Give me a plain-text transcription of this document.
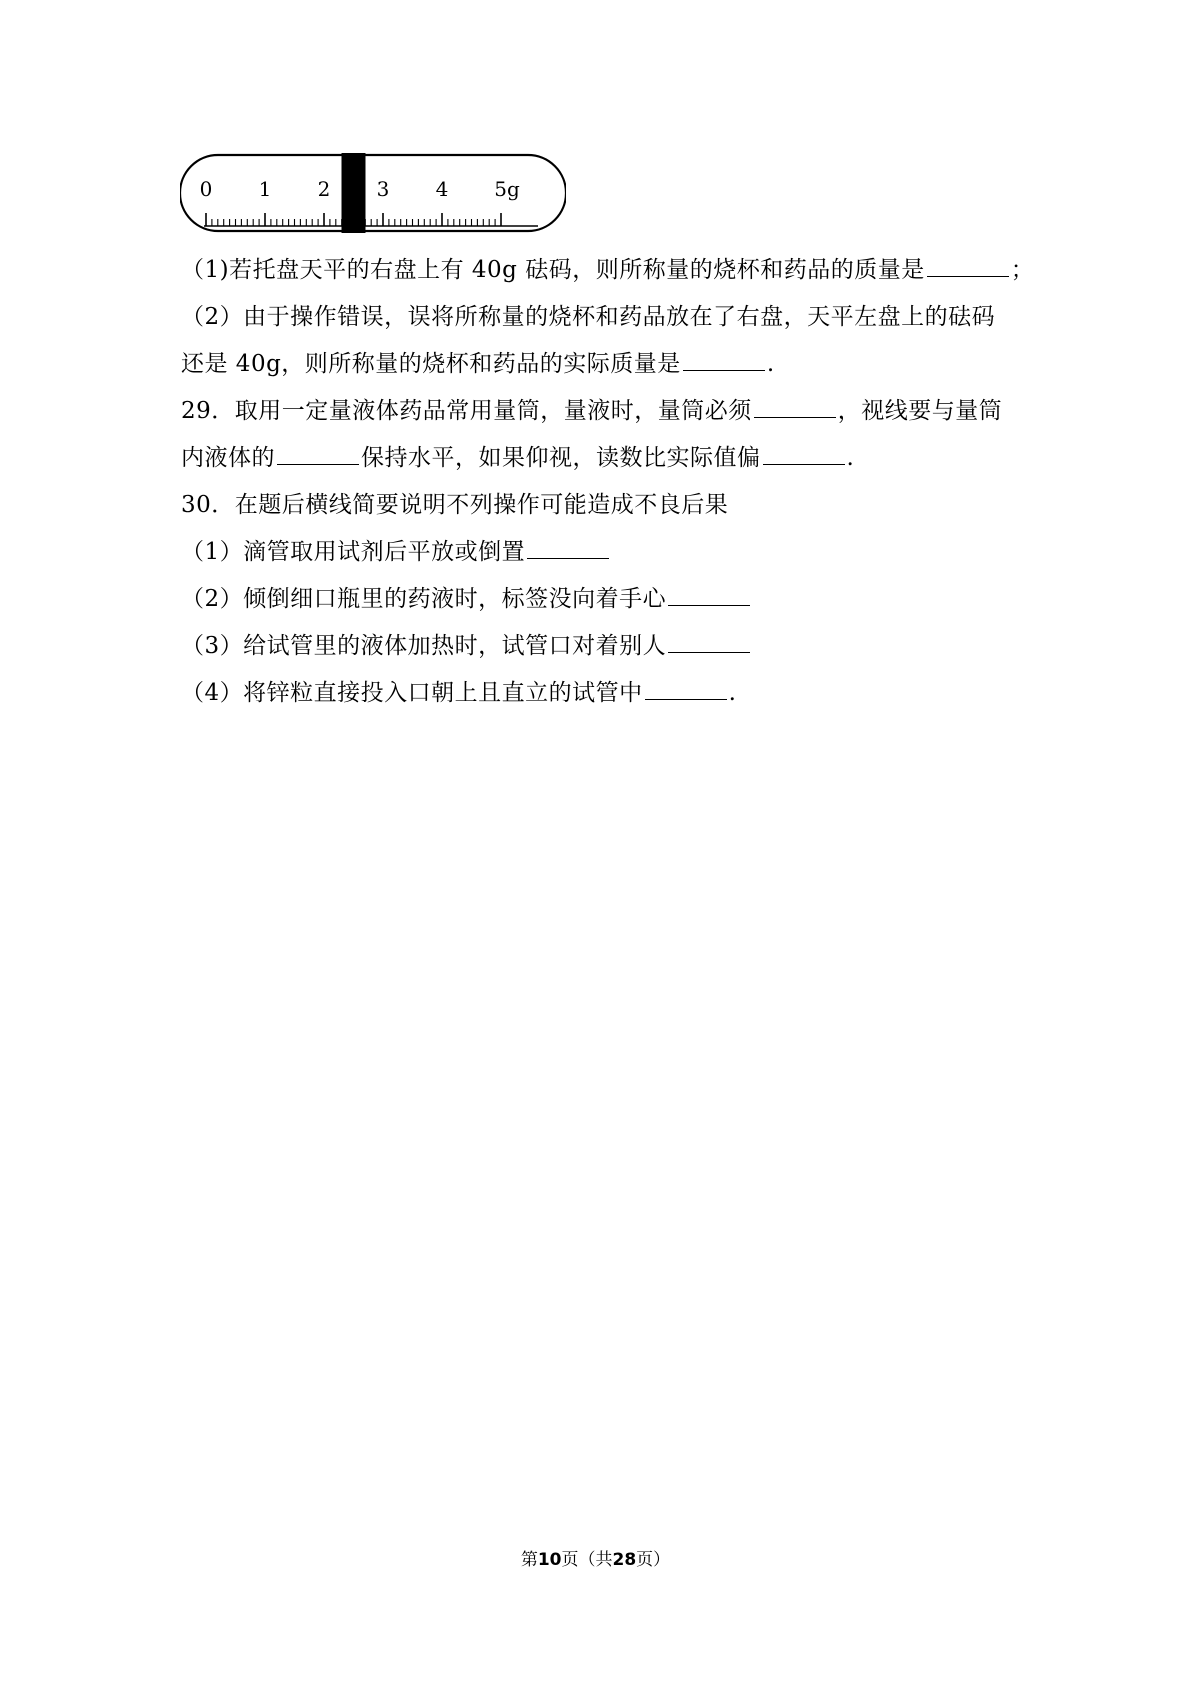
0 1 2 3 4 5g
（1)若托盘天平的右盘上有 40g 砝码，则所称量的烧杯和药品的质量是	；
（2）由于操作错误，误将所称量的烧杯和药品放在了右盘，天平左盘上的砝码
还是 40g，则所称量的烧杯和药品的实际质量是	.
29．取用一定量液体药品常用量筒，量液时，量筒必须	，视线要与量筒
内液体的	保持水平，如果仰视，读数比实际值偏	.
30．在题后横线简要说明不列操作可能造成不良后果
（1）滴管取用试剂后平放或倒置
（2）倾倒细口瓶里的药液时，标签没向着手心
（3）给试管里的液体加热时，试管口对着别人
（4）将锌粒直接投入口朝上且直立的试管中	.
第10页（共28页）
